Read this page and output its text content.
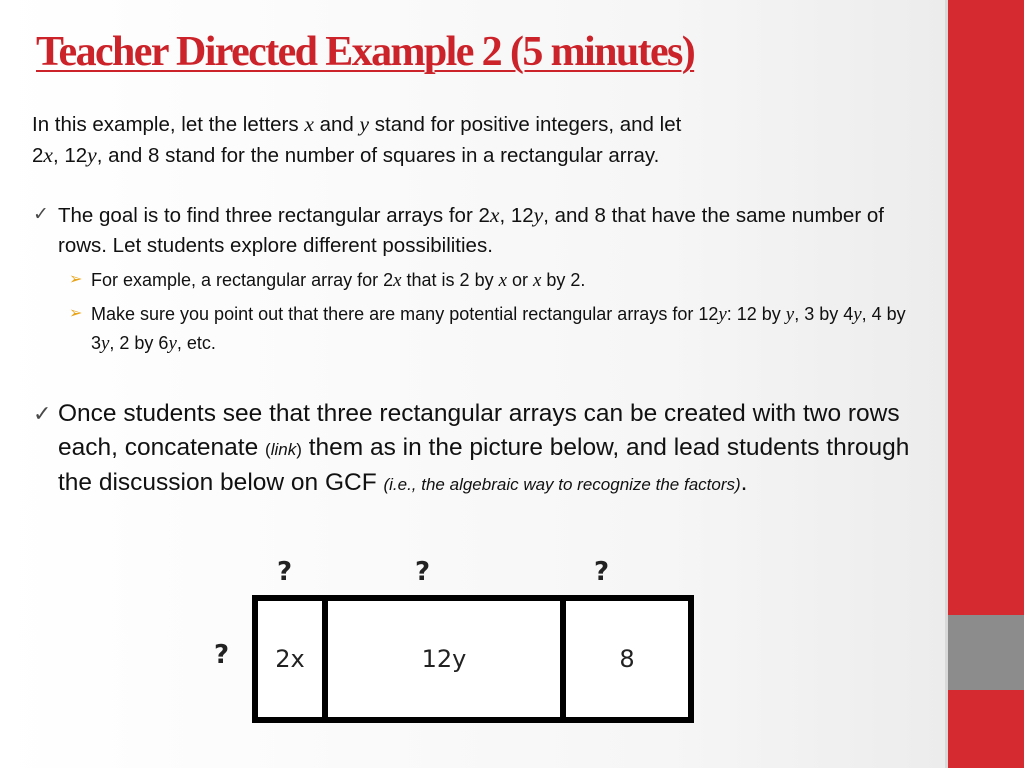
Teacher Directed Example 2 (5 minutes)
In this example, let the letters x and y stand for positive integers, and let
2x, 12y, and 8 stand for the number of squares in a rectangular array.
✓ The goal is to find three rectangular arrays for 2x, 12y, and 8 that have the same number of rows. Let students explore different possibilities.
➢ For example, a rectangular array for 2x that is 2 by x or x by 2.
➢ Make sure you point out that there are many potential rectangular arrays for 12y: 12 by y, 3 by 4y, 4 by 3y, 2 by 6y, etc.
✓ Once students see that three rectangular arrays can be created with two rows each, concatenate (link) them as in the picture below, and lead students through the discussion below on GCF (i.e., the algebraic way to recognize the factors).
?	?	?
?	2x	12y	8
